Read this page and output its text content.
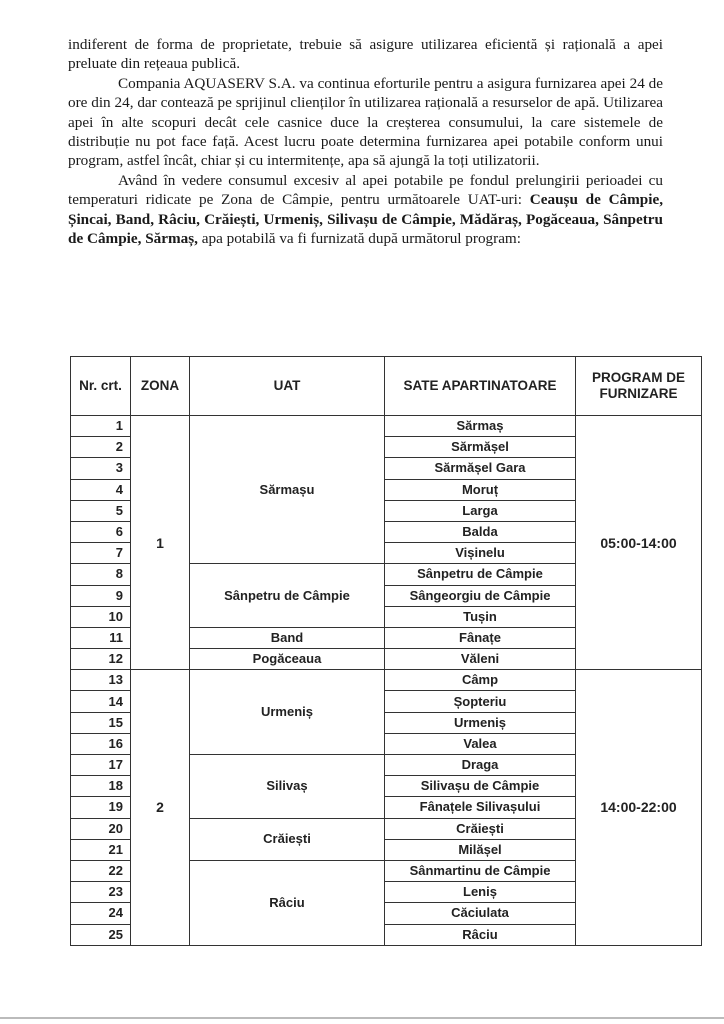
indiferent de forma de proprietate, trebuie să asigure utilizarea eficientă și rațională a apei preluate din rețeaua publică.

Compania AQUASERV S.A. va continua eforturile pentru a asigura furnizarea apei 24 de ore din 24, dar contează pe sprijinul clienților în utilizarea rațională a resurselor de apă. Utilizarea apei în alte scopuri decât cele casnice duce la creșterea consumului, la care sistemele de distribuție nu pot face față. Acest lucru poate determina furnizarea apei potabile conform unui program, astfel încât, chiar și cu intermitențe, apa să ajungă la toți utilizatorii.

Având în vedere consumul excesiv al apei potabile pe fondul prelungirii perioadei cu temperaturi ridicate pe Zona de Câmpie, pentru următoarele UAT-uri: Ceaușu de Câmpie, Șincai, Band, Râciu, Crăiești, Urmeniș, Silivașu de Câmpie, Mădăraș, Pogăceaua, Sânpetru de Câmpie, Sărmaș, apa potabilă va fi furnizată după următorul program:

Nr. crt.	ZONA	UAT	SATE APARTINATOARE	PROGRAM DE FURNIZARE
1	1	Sărmașu	Sărmaș	05:00-14:00
2			Sărmășel	
3			Sărmășel Gara	
4			Moruț	
5			Larga	
6			Balda	
7			Vișinelu	
8		Sânpetru de Câmpie	Sânpetru de Câmpie	
9			Sângeorgiu de Câmpie	
10			Tușin	
11		Band	Fânațe	
12		Pogăceaua	Văleni	
13	2	Urmeniș	Câmp	14:00-22:00
14			Șopteriu	
15			Urmeniș	
16			Valea	
17		Silivaș	Draga	
18			Silivașu de Câmpie	
19			Fânațele Silivașului	
20		Crăiești	Crăiești	
21			Milășel	
22		Râciu	Sânmartinu de Câmpie	
23			Leniș	
24			Căciulata	
25			Râciu	
